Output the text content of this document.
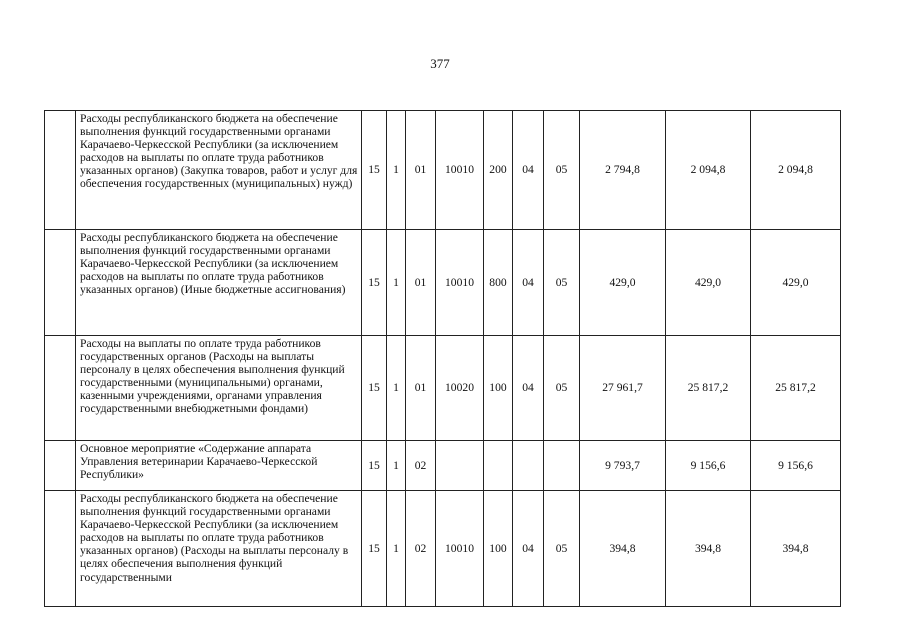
377
	Расходы республиканского бюджета на обеспечение выполнения функций государственными органами Карачаево-Черкесской Республики (за исключением расходов на выплаты по оплате труда работников указанных органов) (Закупка товаров, работ и услуг для обеспечения государственных (муниципальных) нужд)	15	1	01	10010	200	04	05	2 794,8	2 094,8	2 094,8
	Расходы республиканского бюджета на обеспечение выполнения функций государственными органами Карачаево-Черкесской Республики (за исключением расходов на выплаты по оплате труда работников указанных органов) (Иные бюджетные ассигнования)	15	1	01	10010	800	04	05	429,0	429,0	429,0
	Расходы на выплаты по оплате труда работников государственных органов (Расходы на выплаты персоналу в целях обеспечения выполнения функций государственными (муниципальными) органами, казенными учреждениями, органами управления государственными внебюджетными фондами)	15	1	01	10020	100	04	05	27 961,7	25 817,2	25 817,2
	Основное мероприятие «Содержание аппарата Управления ветеринарии Карачаево-Черкесской Республики»	15	1	02					9 793,7	9 156,6	9 156,6
	Расходы республиканского бюджета на обеспечение выполнения функций государственными органами Карачаево-Черкесской Республики (за исключением расходов на выплаты по оплате труда работников указанных органов) (Расходы на выплаты персоналу в целях обеспечения выполнения функций государственными	15	1	02	10010	100	04	05	394,8	394,8	394,8
